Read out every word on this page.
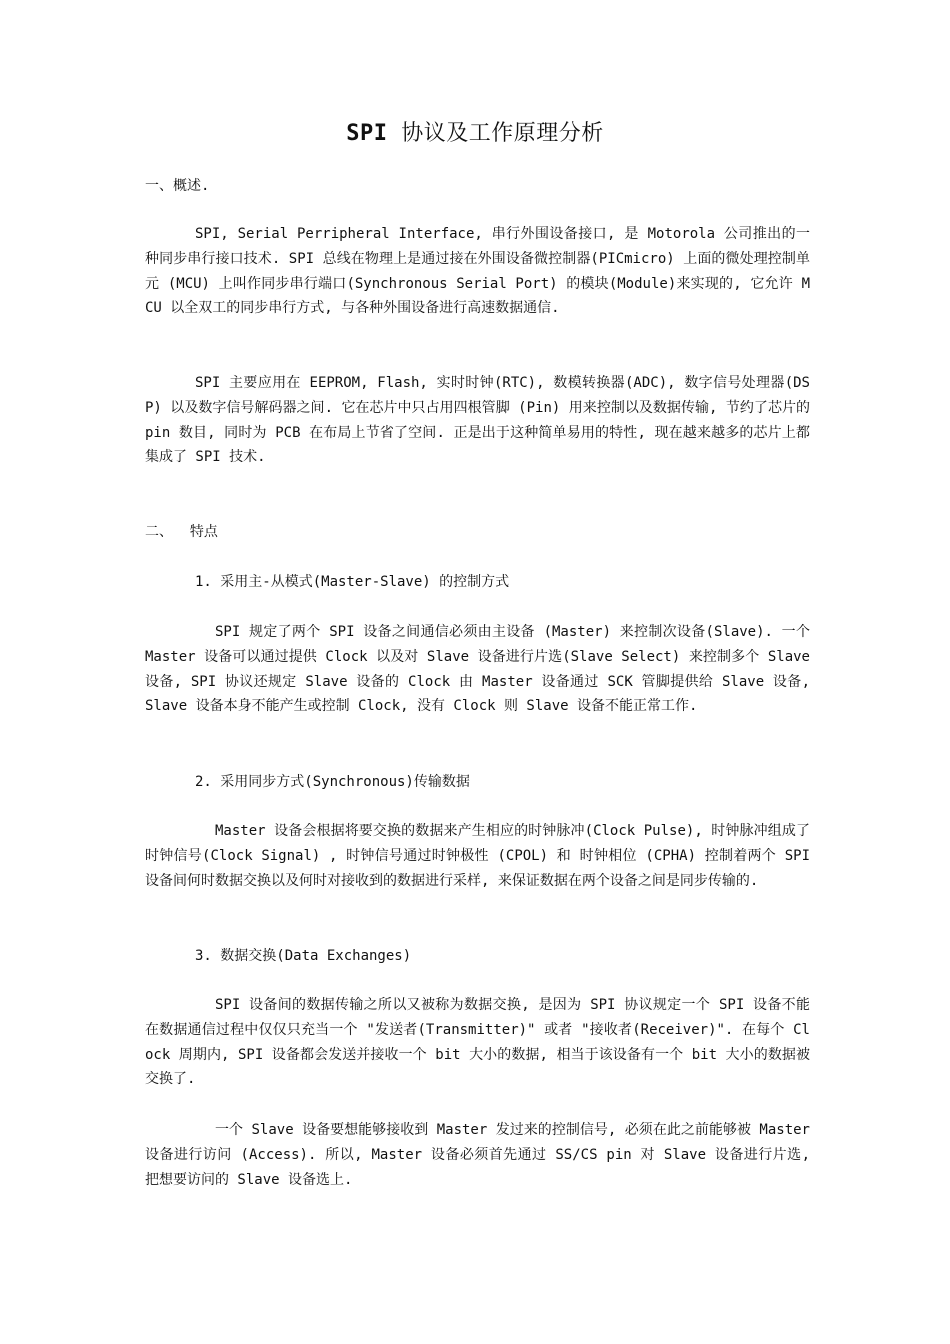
SPI 协议及工作原理分析
一、概述.

SPI, Serial Perripheral Interface, 串行外围设备接口, 是 Motorola 公司推出的一种同步串行接口技术. SPI 总线在物理上是通过接在外围设备微控制器(PICmicro) 上面的微处理控制单元 (MCU) 上叫作同步串行端口(Synchronous Serial Port) 的模块(Module)来实现的, 它允许 MCU 以全双工的同步串行方式, 与各种外围设备进行高速数据通信.

SPI 主要应用在 EEPROM, Flash, 实时时钟(RTC), 数模转换器(ADC), 数字信号处理器(DSP) 以及数字信号解码器之间. 它在芯片中只占用四根管脚 (Pin) 用来控制以及数据传输, 节约了芯片的 pin 数目, 同时为 PCB 在布局上节省了空间. 正是出于这种简单易用的特性, 现在越来越多的芯片上都集成了 SPI 技术.

二、  特点
1. 采用主-从模式(Master-Slave) 的控制方式

SPI 规定了两个 SPI 设备之间通信必须由主设备 (Master) 来控制次设备(Slave). 一个 Master 设备可以通过提供 Clock 以及对 Slave 设备进行片选(Slave Select) 来控制多个 Slave 设备, SPI 协议还规定 Slave 设备的 Clock 由 Master 设备通过 SCK 管脚提供给 Slave 设备, Slave 设备本身不能产生或控制 Clock, 没有 Clock 则 Slave 设备不能正常工作.

2. 采用同步方式(Synchronous)传输数据

Master 设备会根据将要交换的数据来产生相应的时钟脉冲(Clock Pulse), 时钟脉冲组成了时钟信号(Clock Signal) , 时钟信号通过时钟极性 (CPOL) 和 时钟相位 (CPHA) 控制着两个 SPI 设备间何时数据交换以及何时对接收到的数据进行采样, 来保证数据在两个设备之间是同步传输的.

3. 数据交换(Data Exchanges)

SPI 设备间的数据传输之所以又被称为数据交换, 是因为 SPI 协议规定一个 SPI 设备不能在数据通信过程中仅仅只充当一个 "发送者(Transmitter)" 或者 "接收者(Receiver)". 在每个 Clock 周期内, SPI 设备都会发送并接收一个 bit 大小的数据, 相当于该设备有一个 bit 大小的数据被交换了.

一个 Slave 设备要想能够接收到 Master 发过来的控制信号, 必须在此之前能够被 Master 设备进行访问 (Access). 所以, Master 设备必须首先通过 SS/CS pin 对 Slave 设备进行片选, 把想要访问的 Slave 设备选上.
